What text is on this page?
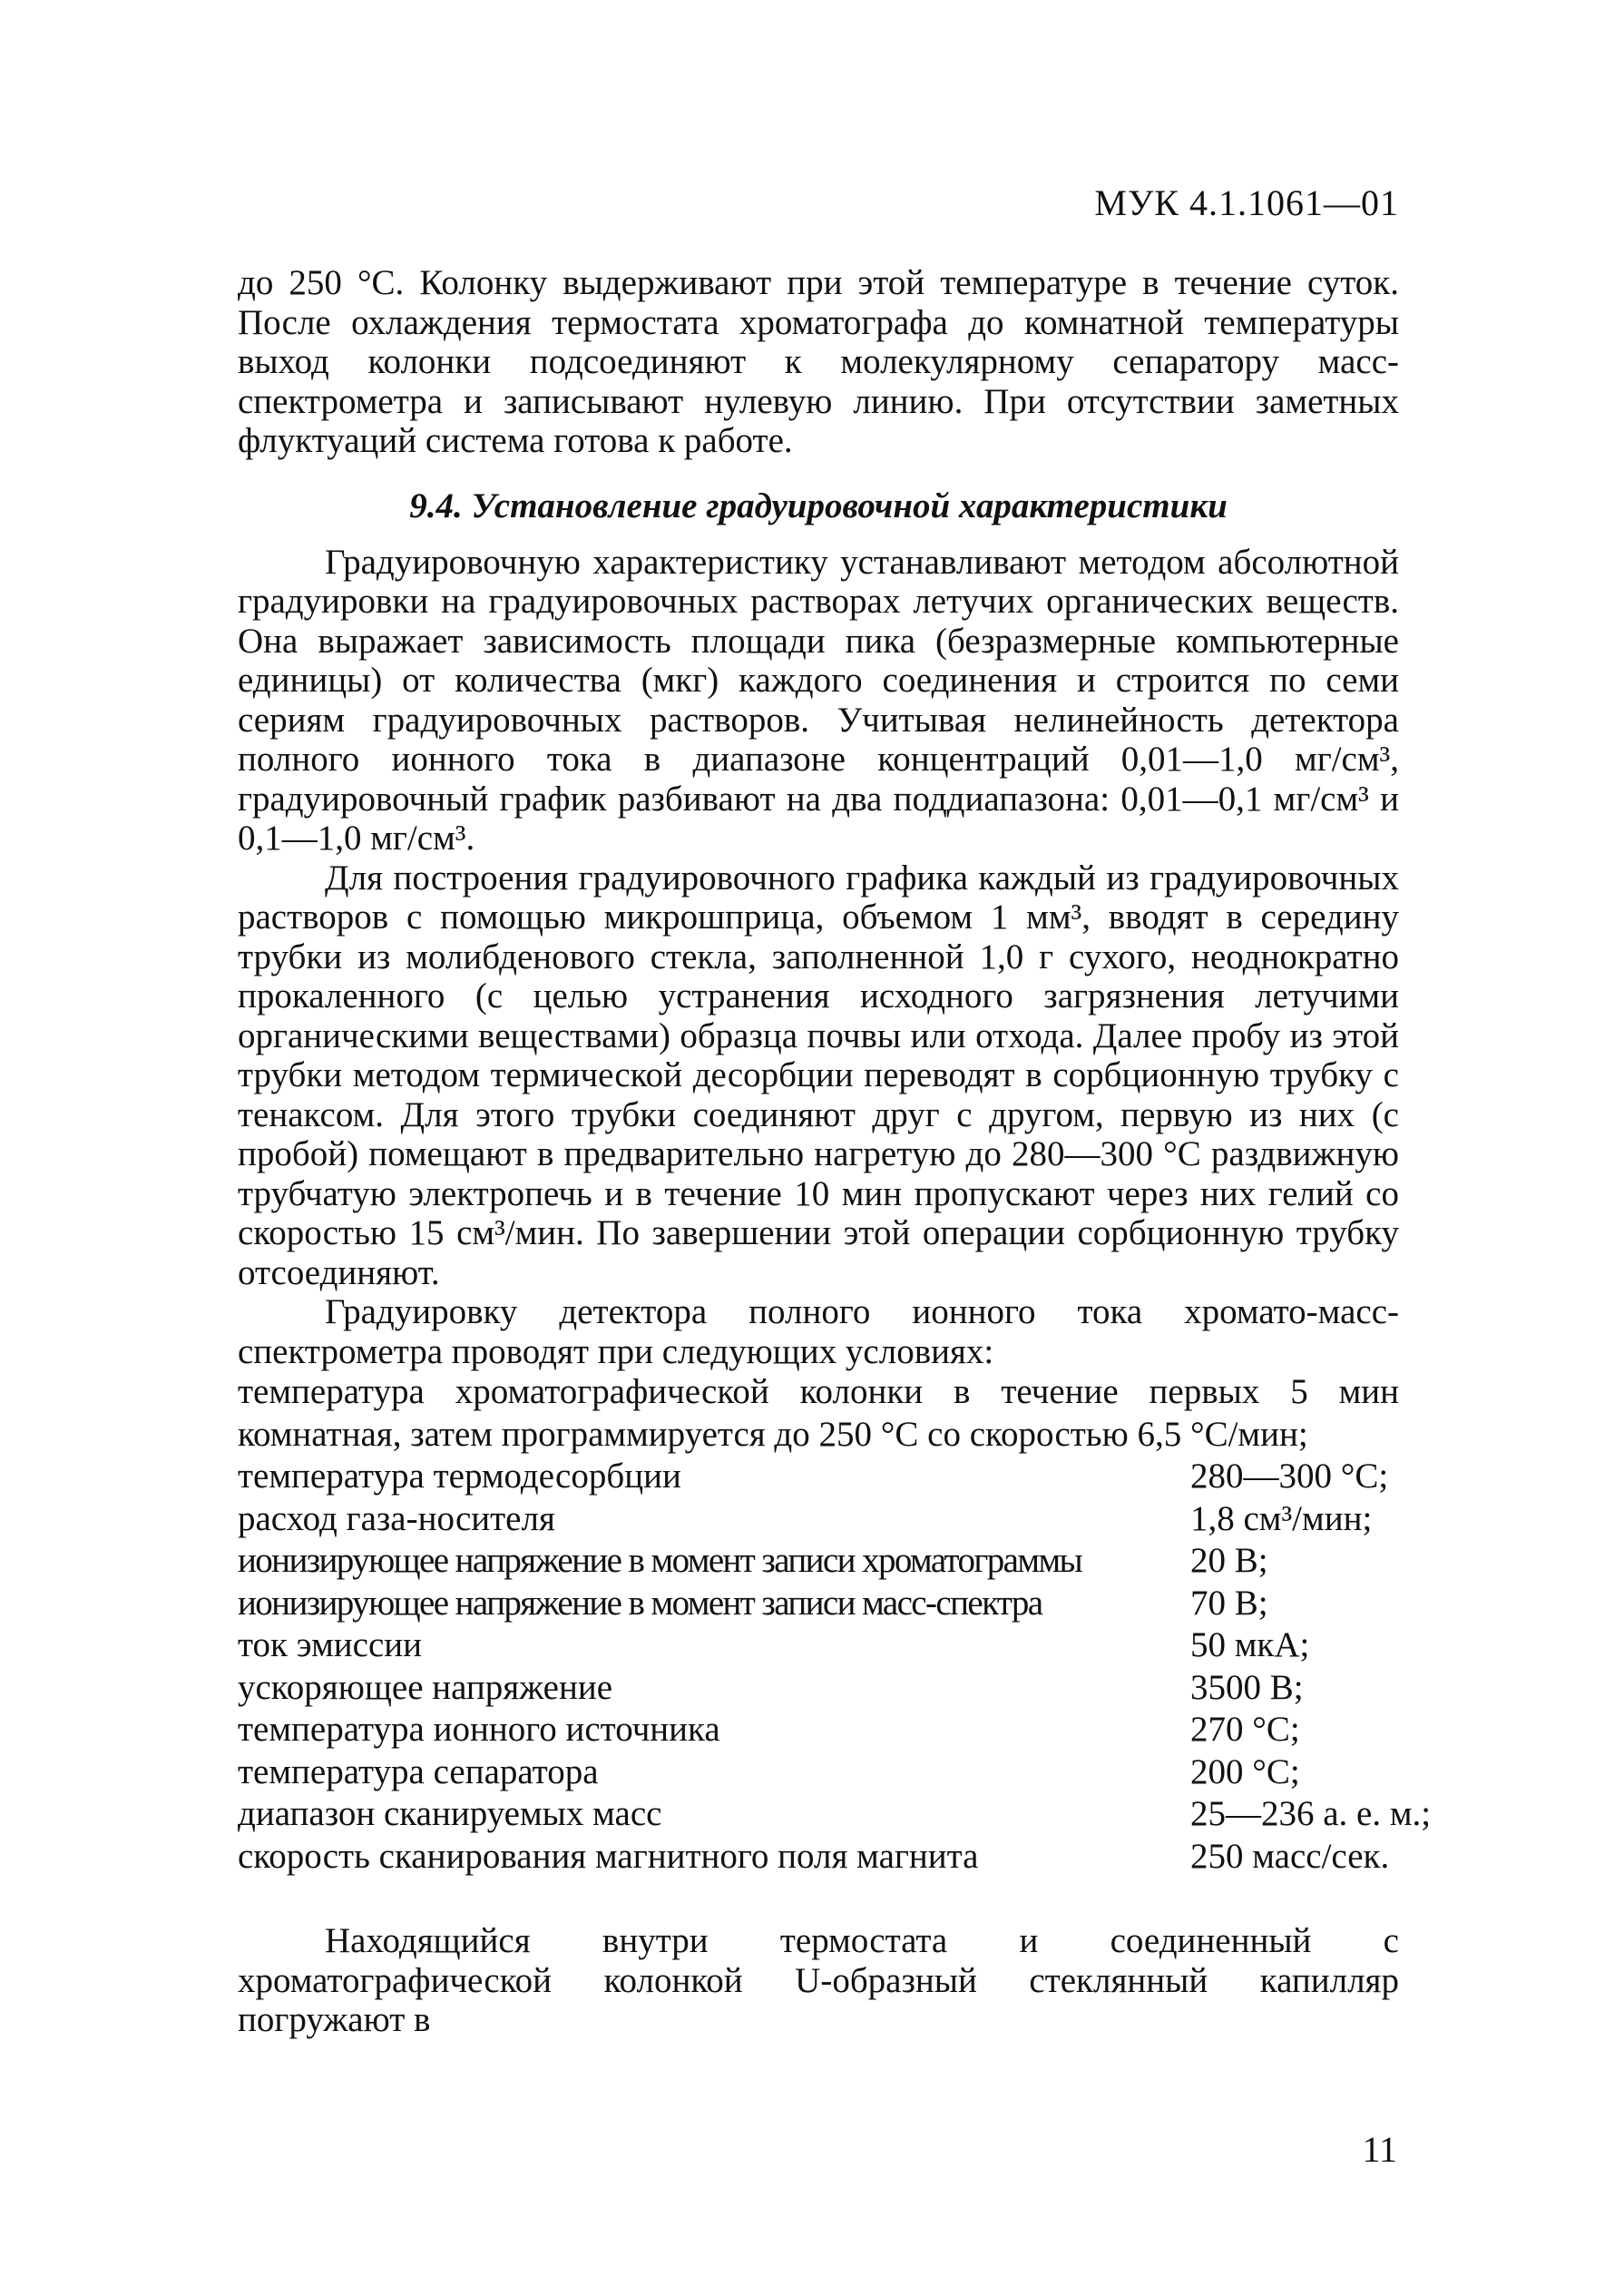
МУК 4.1.1061—01

до 250 °С. Колонку выдерживают при этой температуре в течение суток. После охлаждения термостата хроматографа до комнатной температуры выход колонки подсоединяют к молекулярному сепаратору масс-спектрометра и записывают нулевую линию. При отсутствии заметных флуктуаций система готова к работе.

9.4. Установление градуировочной характеристики

Градуировочную характеристику устанавливают методом абсолютной градуировки на градуировочных растворах летучих органических веществ. Она выражает зависимость площади пика (безразмерные компьютерные единицы) от количества (мкг) каждого соединения и строится по семи сериям градуировочных растворов. Учитывая нелинейность детектора полного ионного тока в диапазоне концентраций 0,01—1,0 мг/см³, градуировочный график разбивают на два поддиапазона: 0,01—0,1 мг/см³ и 0,1—1,0 мг/см³.

Для построения градуировочного графика каждый из градуировочных растворов с помощью микрошприца, объемом 1 мм³, вводят в середину трубки из молибденового стекла, заполненной 1,0 г сухого, неоднократно прокаленного (с целью устранения исходного загрязнения летучими органическими веществами) образца почвы или отхода. Далее пробу из этой трубки методом термической десорбции переводят в сорбционную трубку с тенаксом. Для этого трубки соединяют друг с другом, первую из них (с пробой) помещают в предварительно нагретую до 280—300 °С раздвижную трубчатую электропечь и в течение 10 мин пропускают через них гелий со скоростью 15 см³/мин. По завершении этой операции сорбционную трубку отсоединяют.

Градуировку детектора полного ионного тока хромато-масс-спектрометра проводят при следующих условиях:

температура хроматографической колонки в течение первых 5 мин комнатная, затем программируется до 250 °С со скоростью 6,5 °С/мин;
температура термодесорбции	280—300 °С;
расход газа-носителя	1,8 см³/мин;
ионизирующее напряжение в момент записи хроматограммы	20 В;
ионизирующее напряжение в момент записи масс-спектра	70 В;
ток эмиссии	50 мкА;
ускоряющее напряжение	3500 В;
температура ионного источника	270 °С;
температура сепаратора	200 °С;
диапазон сканируемых масс	25—236 а. е. м.;
скорость сканирования магнитного поля магнита	250 масс/сек.

Находящийся внутри термостата и соединенный с хроматографической колонкой U-образный стеклянный капилляр погружают в

11
